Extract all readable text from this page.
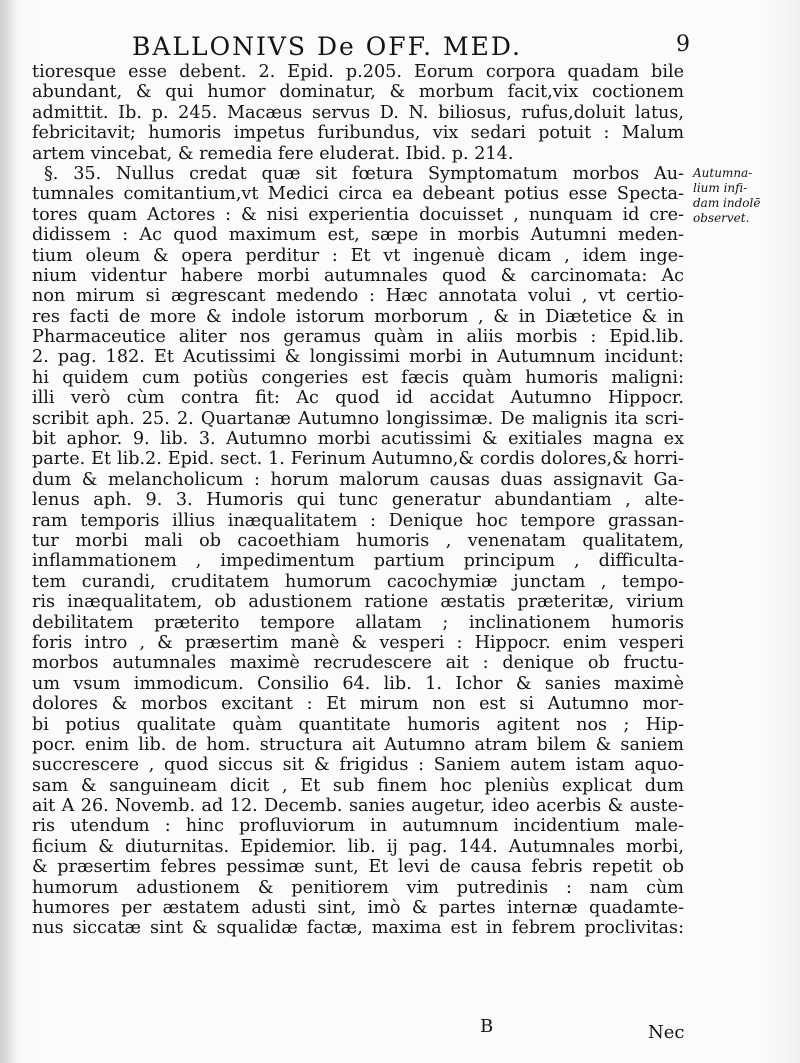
BALLONIVS De OFF. MED.	9
tioresque esse debent. 2. Epid. p.205. Eorum corpora quadam bile
abundant, & qui humor dominatur, & morbum facit,vix coctionem
admittit. Ib. p. 245. Macæus servus D. N. biliosus, rufus,doluit latus,
febricitavit; humoris impetus furibundus, vix sedari potuit : Malum
artem vincebat, & remedia fere eluderat. Ibid. p. 214.
§. 35. Nullus credat quæ sit fœtura Symptomatum morbos Au-
tumnales comitantium,vt Medici circa ea debeant potius esse Specta-
tores quam Actores : & nisi experientia docuisset , nunquam id cre-
didissem : Ac quod maximum est, sæpe in morbis Autumni meden-
tium oleum & opera perditur : Et vt ingenuè dicam , idem inge-
nium videntur habere morbi autumnales quod & carcinomata: Ac
non mirum si ægrescant medendo : Hæc annotata volui , vt certio-
res facti de more & indole istorum morborum , & in Diætetice & in
Pharmaceutice aliter nos geramus quàm in aliis morbis : Epid.lib.
2. pag. 182. Et Acutissimi & longissimi morbi in Autumnum incidunt:
hi quidem cum potiùs congeries est fæcis quàm humoris maligni:
illi verò cùm contra fit: Ac quod id accidat Autumno Hippocr.
scribit aph. 25. 2. Quartanæ Autumno longissimæ. De malignis ita scri-
bit aphor. 9. lib. 3. Autumno morbi acutissimi & exitiales magna ex
parte. Et lib.2. Epid. sect. 1. Ferinum Autumno,& cordis dolores,& horri-
dum & melancholicum : horum malorum causas duas assignavit Ga-
lenus aph. 9. 3. Humoris qui tunc generatur abundantiam , alte-
ram temporis illius inæqualitatem : Denique hoc tempore grassan-
tur morbi mali ob cacoethiam humoris , venenatam qualitatem,
inflammationem , impedimentum partium principum , difficulta-
tem curandi, cruditatem humorum cacochymiæ junctam , tempo-
ris inæqualitatem, ob adustionem ratione æstatis præteritæ, virium
debilitatem præterito tempore allatam ; inclinationem humoris
foris intro , & præsertim manè & vesperi : Hippocr. enim vesperi
morbos autumnales maximè recrudescere ait : denique ob fructu-
um vsum immodicum. Consilio 64. lib. 1. Ichor & sanies maximè
dolores & morbos excitant : Et mirum non est si Autumno mor-
bi potius qualitate quàm quantitate humoris agitent nos ; Hip-
pocr. enim lib. de hom. structura ait Autumno atram bilem & saniem
succrescere , quod siccus sit & frigidus : Saniem autem istam aquo-
sam & sanguineam dicit , Et sub finem hoc pleniùs explicat dum
ait A 26. Novemb. ad 12. Decemb. sanies augetur, ideo acerbis & auste-
ris utendum : hinc profluviorum in autumnum incidentium male-
ficium & diuturnitas. Epidemior. lib. ij pag. 144. Autumnales morbi,
& præsertim febres pessimæ sunt, Et levi de causa febris repetit ob
humorum adustionem & penitiorem vim putredinis : nam cùm
humores per æstatem adusti sint, imò & partes internæ quadamte-
nus siccatæ sint & squalidæ factæ, maxima est in febrem proclivitas:
Autumna-
lium infi-
dam indolē
observet.
B	Nec
